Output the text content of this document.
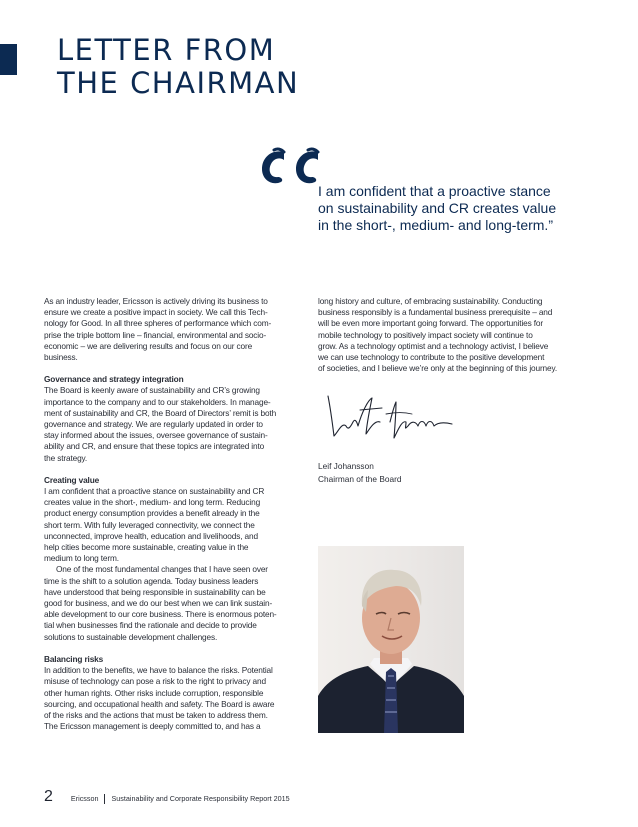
LETTER FROM
THE CHAIRMAN
I am confident that a proactive stance
on sustainability and CR creates value
in the short-, medium- and long-term.”

As an industry leader, Ericsson is actively driving its business to
ensure we create a positive impact in society. We call this Tech-
nology for Good. In all three spheres of performance which com-
prise the triple bottom line – financial, environmental and socio-
economic – we are delivering results and focus on our core
business.

Governance and strategy integration

The Board is keenly aware of sustainability and CR’s growing
importance to the company and to our stakeholders. In manage-
ment of sustainability and CR, the Board of Directors’ remit is both
governance and strategy. We are regularly updated in order to
stay informed about the issues, oversee governance of sustain-
ability and CR, and ensure that these topics are integrated into
the strategy.

Creating value

I am confident that a proactive stance on sustainability and CR
creates value in the short-, medium- and long term. Reducing
product energy consumption provides a benefit already in the
short term. With fully leveraged connectivity, we connect the
unconnected, improve health, education and livelihoods, and
help cities become more sustainable, creating value in the
medium to long term.

One of the most fundamental changes that I have seen over
time is the shift to a solution agenda. Today business leaders
have understood that being responsible in sustainability can be
good for business, and we do our best when we can link sustain-
able development to our core business. There is enormous poten-
tial when businesses find the rationale and decide to provide
solutions to sustainable development challenges.

Balancing risks

In addition to the benefits, we have to balance the risks. Potential
misuse of technology can pose a risk to the right to privacy and
other human rights. Other risks include corruption, responsible
sourcing, and occupational health and safety. The Board is aware
of the risks and the actions that must be taken to address them.
The Ericsson management is deeply committed to, and has a

long history and culture, of embracing sustainability. Conducting
business responsibly is a fundamental business prerequisite – and
will be even more important going forward. The opportunities for
mobile technology to positively impact society will continue to
grow. As a technology optimist and a technology activist, I believe
we can use technology to contribute to the positive development
of societies, and I believe we’re only at the beginning of this journey.

Leif Johansson
Chairman of the Board
2	Ericsson Sustainability and Corporate Responsibility Report 2015
